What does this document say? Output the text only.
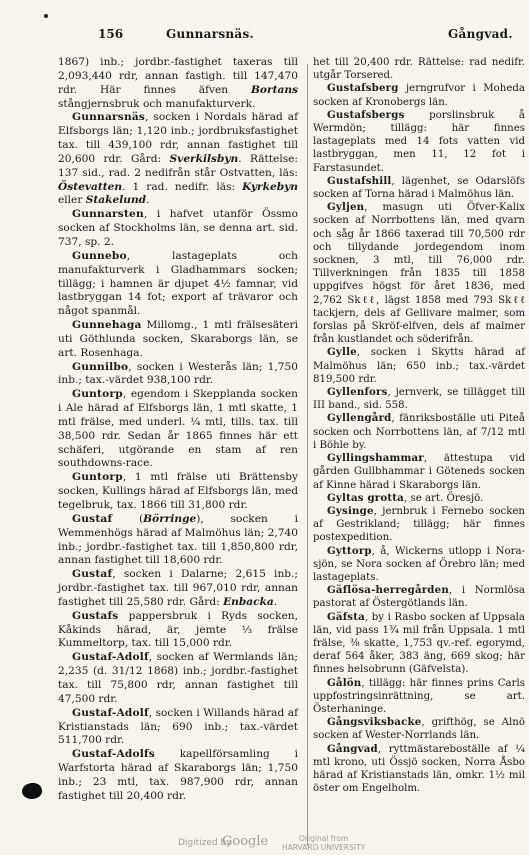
156	Gunnarsnäs.	Gångvad.

1867) inb.; jordbr.-fastighet taxeras till 2,093,440 rdr, annan fastigh. till 147,470 rdr. Här finnes äfven Bortans stångjernsbruk och manufakturverk.

Gunnarsnäs, socken i Nordals härad af Elfsborgs län; 1,120 inb.; jordbruksfastighet tax. till 439,100 rdr, annan fastighet till 20,600 rdr. Gård: Sverkilsbyn. Rättelse: 137 sid., rad. 2 nedifrån står Ostvatten, läs: Östevatten. 1 rad. nedifr. läs: Kyrkebyn eller Stakelund.

Gunnarsten, i hafvet utanför Össmo socken af Stockholms län, se denna art. sid. 737, sp. 2.

Gunnebo, lastageplats och manufakturverk i Gladhammars socken; tillägg; i hamnen är djupet 4½ famnar, vid lastbryggan 14 fot; export af trävaror och något spanmål.

Gunnehaga Millomg., 1 mtl frälsesäteri uti Göthlunda socken, Skaraborgs län, se art. Rosenhaga.

Gunnilbo, socken i Westerås län; 1,750 inb.; tax.-värdet 938,100 rdr.

Guntorp, egendom i Skepplanda socken i Ale härad af Elfsborgs län, 1 mtl skatte, 1 mtl frälse, med underl. ¼ mtl, tills. tax. till 38,500 rdr. Sedan år 1865 finnes här ett schäferi, utgörande en stam af ren southdowns-race.

Guntorp, 1 mtl frälse uti Brättensby socken, Kullings härad af Elfsborgs län, med tegelbruk, tax. 1866 till 31,800 rdr.

Gustaf (Börringe), socken i Wemmenhögs härad af Malmöhus län; 2,740 inb.; jordbr.-fastighet tax. till 1,850,800 rdr, annan fastighet till 18,600 rdr.

Gustaf, socken i Dalarne; 2,615 inb.; jordbr.-fastighet tax. till 967,010 rdr, annan fastighet till 25,580 rdr. Gård: Enbacka.

Gustafs pappersbruk i Ryds socken, Kåkinds härad, är, jemte ⅓ frälse Kummeltorp, tax. till 15,000 rdr.

Gustaf-Adolf, socken af Wermlands län; 2,235 (d. 31/12 1868) inb.; jordbr.-fastighet tax. till 75,800 rdr, annan fastighet till 47,500 rdr.

Gustaf-Adolf, socken i Willands härad af Kristianstads län; 690 inb.; tax.-värdet 511,700 rdr.

Gustaf-Adolfs kapellförsamling i Warfstorta härad af Skaraborgs län; 1,750 inb.; 23 mtl, tax. 987,900 rdr, annan fastighet till 20,400 rdr.

het till 20,400 rdr. Rättelse: rad nedifr. utgår Torsered.

Gustafsberg jerngrufvor i Moheda socken af Kronobergs län.

Gustafsbergs porslinsbruk å Wermdön; tillägg: här finnes lastageplats med 14 fots vatten vid lastbryggan, men 11, 12 fot i Farstasundet.

Gustafshill, lägenhet, se Odarslöfs socken af Torna härad i Malmöhus län.

Gyljen, masugn uti Öfver-Kalix socken af Norrbottens län, med qvarn och såg år 1866 taxerad till 70,500 rdr och tillydande jordegendom inom socknen, 3 mtl, till 76,000 rdr. Tillverkningen från 1835 till 1858 uppgifves högst för året 1836, med 2,762 Skℓℓ, lägst 1858 med 793 Skℓℓ tackjern, dels af Gellivare malmer, som forslas på Skröf-elfven, dels af malmer från kustlandet och söderifrån.

Gylle, socken i Skytts härad af Malmöhus län; 650 inb.; tax.-värdet 819,500 rdr.

Gyllenfors, jernverk, se tillägget till III band., sid. 558.

Gyllengård, fänriksboställe uti Piteå socken och Norrbottens län, af 7/12 mtl i Böhle by.

Gyllingshammar, ättestupa vid gården Gullbhammar i Göteneds socken af Kinne härad i Skaraborgs län.

Gyltas grotta, se art. Öresjö.

Gysinge, jernbruk i Fernebo socken af Gestrikland; tillägg; här finnes postexpedition.

Gyttorp, å, Wickerns utlopp i Nora-sjön, se Nora socken af Örebro län; med lastageplats.

Gäflösa-herregården, i Normlösa pastorat af Östergötlands län.

Gäfsta, by i Rasbo socken af Uppsala län, vid pass 1¾ mil från Uppsala. 1 mtl frälse, ⅜ skatte, 1,753 qv.-ref. egorymd, deraf 564 åker, 383 äng, 669 skog; här finnes helsobrunn (Gäfvelsta).

Gålön, tillägg: här finnes prins Carls uppfostringsinrättning, se art. Österhaninge.

Gångsviksbacke, grifthög, se Alnö socken af Wester-Norrlands län.

Gångvad, ryttmästareboställe af ¼ mtl krono, uti Össjö socken, Norra Åsbo härad af Kristianstads län, omkr. 1½ mil öster om Engelholm.

Digitized by
Google	Original from
HARVARD UNIVERSITY
